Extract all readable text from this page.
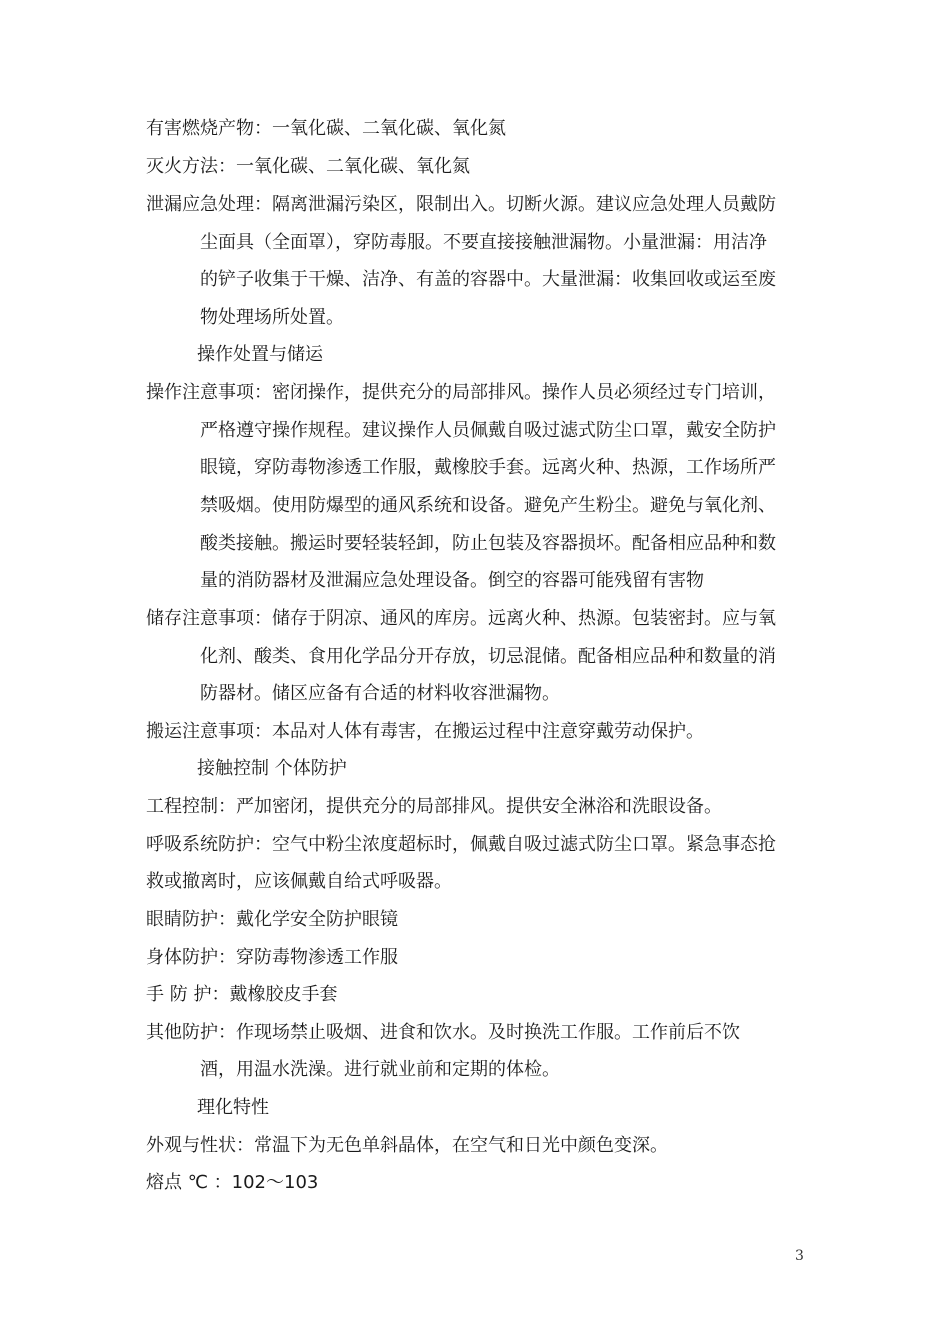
有害燃烧产物：一氧化碳、二氧化碳、氧化氮
灭火方法：一氧化碳、二氧化碳、氧化氮
泄漏应急处理：隔离泄漏污染区，限制出入。切断火源。建议应急处理人员戴防
尘面具（全面罩），穿防毒服。不要直接接触泄漏物。小量泄漏：用洁净
的铲子收集于干燥、洁净、有盖的容器中。大量泄漏：收集回收或运至废
物处理场所处置。
操作处置与储运
操作注意事项：密闭操作，提供充分的局部排风。操作人员必须经过专门培训，
严格遵守操作规程。建议操作人员佩戴自吸过滤式防尘口罩，戴安全防护
眼镜，穿防毒物渗透工作服，戴橡胶手套。远离火种、热源，工作场所严
禁吸烟。使用防爆型的通风系统和设备。避免产生粉尘。避免与氧化剂、
酸类接触。搬运时要轻装轻卸，防止包装及容器损坏。配备相应品种和数
量的消防器材及泄漏应急处理设备。倒空的容器可能残留有害物
储存注意事项：储存于阴凉、通风的库房。远离火种、热源。包装密封。应与氧
化剂、酸类、食用化学品分开存放，切忌混储。配备相应品种和数量的消
防器材。储区应备有合适的材料收容泄漏物。
搬运注意事项：本品对人体有毒害，在搬运过程中注意穿戴劳动保护。
接触控制 个体防护
工程控制：严加密闭，提供充分的局部排风。提供安全淋浴和洗眼设备。
呼吸系统防护：空气中粉尘浓度超标时，佩戴自吸过滤式防尘口罩。紧急事态抢
救或撤离时，应该佩戴自给式呼吸器。
眼睛防护：戴化学安全防护眼镜
身体防护：穿防毒物渗透工作服
手 防 护：戴橡胶皮手套
其他防护：作现场禁止吸烟、进食和饮水。及时换洗工作服。工作前后不饮
酒，用温水洗澡。进行就业前和定期的体检。
理化特性
外观与性状：常温下为无色单斜晶体，在空气和日光中颜色变深。
熔点 ℃ ：102～103
3
